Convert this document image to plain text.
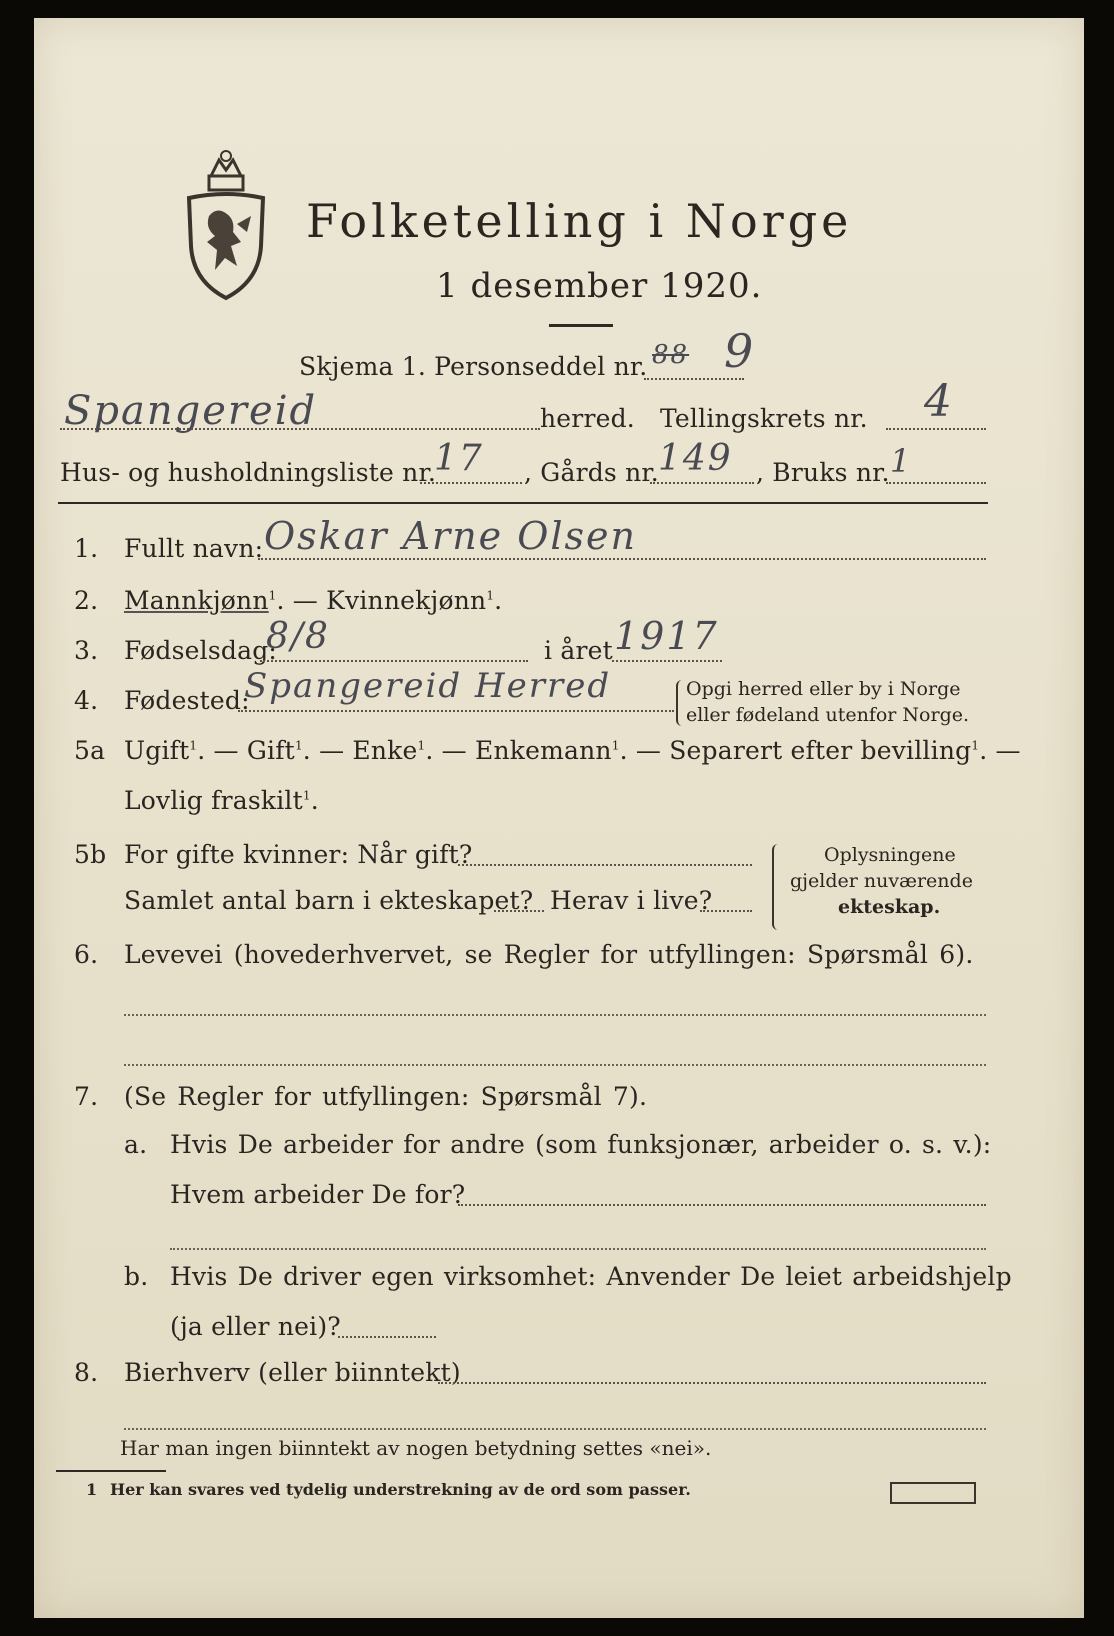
Folketelling i Norge
1 desember 1920.
Skjema 1. Personseddel nr. 88 9
Spangereid	herred. Tellingskrets nr. 4
Hus- og husholdningsliste nr.
17 , Gårds nr. 149 , Bruks nr. 1
1. Fullt navn: Oskar Arne Olsen
2. Mannkjønn$^1$. — Kvinnekjønn$^1$.
3. Fødselsdag:
8/8	i året 1917
4. Fødested:
Spangereid Herred	Opgi herred eller by i Norge
eller fødeland utenfor Norge.
5a Ugift$^1$. — Gift$^1$. — Enke$^1$. — Enkemann$^1$. — Separert efter bevilling$^1$. —
Lovlig fraskilt$^1$.
5b For gifte kvinner: Når gift?
Samlet antal barn i ekteskapet? Herav i live?
Oplysningene
gjelder nuværende
ekteskap.
6. Levevei (hovederhvervet, se Regler for utfyllingen: Spørsmål 6).
7. (Se Regler for utfyllingen: Spørsmål 7).
a. Hvis De arbeider for andre (som funksjonær, arbeider o. s. v.):
Hvem arbeider De for?
b. Hvis De driver egen virksomhet: Anvender De leiet arbeidshjelp
(ja eller nei)?
8. Bierhverv (eller biinntekt)
Har man ingen biinntekt av nogen betydning settes «nei».
1 Her kan svares ved tydelig understrekning av de ord som passer.
